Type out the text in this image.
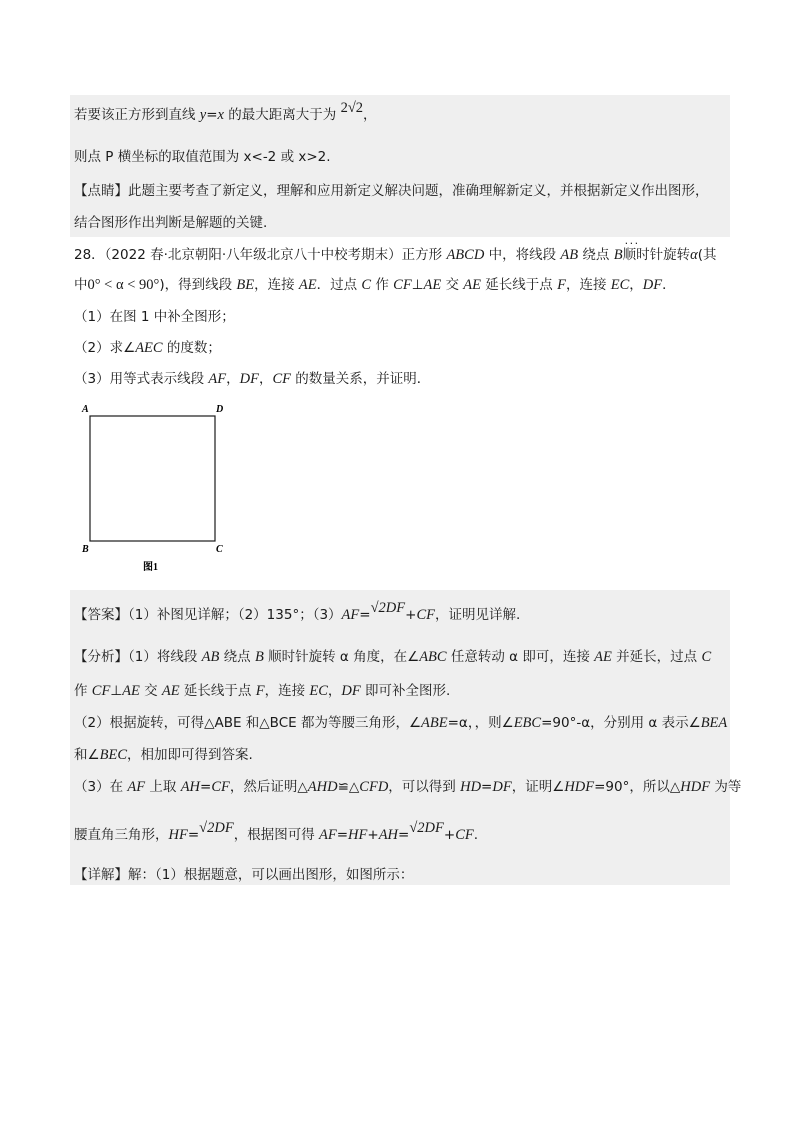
若要该正方形到直线 y=x 的最大距离大于为 2√2，
则点 P 横坐标的取值范围为 x<-2 或 x>2.
【点睛】此题主要考查了新定义，理解和应用新定义解决问题，准确理解新定义，并根据新定义作出图形，
结合图形作出判断是解题的关键.
28．（2022 春·北京朝阳·八年级北京八十中校考期末）正方形 ABCD 中，将线段 AB 绕点 B· · · 顺时针旋转α(其
中0° < α < 90°)，得到线段 BE，连接 AE．过点 C 作 CF⊥AE 交 AE 延长线于点 F，连接 EC，DF．
（1）在图 1 中补全图形；
（2）求∠AEC 的度数；
（3）用等式表示线段 AF，DF，CF 的数量关系，并证明．
A	D
B	C
图1
【答案】（1）补图见详解；（2）135°；（3）AF=√2DF+CF，证明见详解.
【分析】（1）将线段 AB 绕点 B 顺时针旋转 α 角度，在∠ABC 任意转动 α 即可，连接 AE 并延长，过点 C
作 CF⊥AE 交 AE 延长线于点 F，连接 EC，DF 即可补全图形.
（2）根据旋转，可得△ABE 和△BCE 都为等腰三角形，∠ABE=α，，则∠EBC=90°-α，分别用 α 表示∠BEA
和∠BEC，相加即可得到答案.
（3）在 AF 上取 AH=CF，然后证明△AHD≌△CFD，可以得到 HD=DF，证明∠HDF=90°，所以△HDF 为等
腰直角三角形，HF=√2DF，根据图可得 AF=HF+AH=√2DF+CF.
【详解】解：（1）根据题意，可以画出图形，如图所示：
